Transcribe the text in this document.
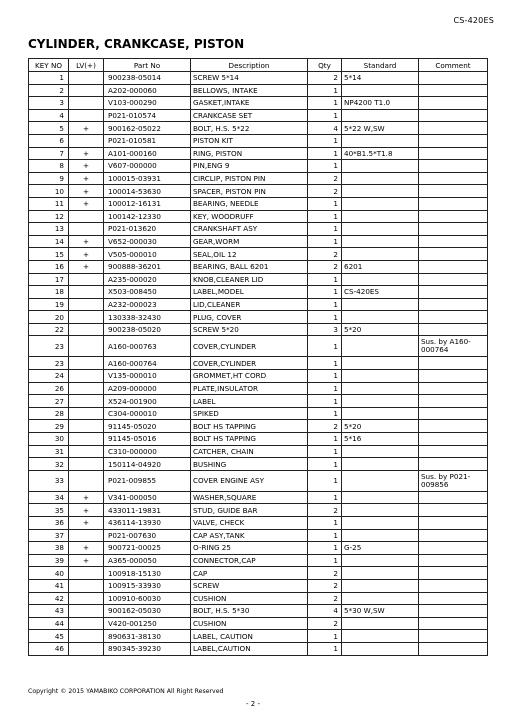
CS-420ES
CYLINDER, CRANKCASE, PISTON
KEY NO	LV(+)	Part No	Description	Qty	Standard	Comment
1		900238-05014	SCREW 5*14	2	5*14	
2		A202-000060	BELLOWS, INTAKE	1		
3		V103-000290	GASKET,INTAKE	1	NP4200 T1.0	
4		P021-010574	CRANKCASE SET	1		
5	+	900162-05022	BOLT, H.S. 5*22	4	5*22 W,SW	
6		P021-010581	PISTON KIT	1		
7	+	A101-000160	RING, PISTON	1	40*B1.5*T1.8	
8	+	V607-000000	PIN,ENG 9	1		
9	+	100015-03931	CIRCLIP, PISTON PIN	2		
10	+	100014-53630	SPACER, PISTON PIN	2		
11	+	100012-16131	BEARING, NEEDLE	1		
12		100142-12330	KEY, WOODRUFF	1		
13		P021-013620	CRANKSHAFT ASY	1		
14	+	V652-000030	GEAR,WORM	1		
15	+	V505-000010	SEAL,OIL 12	2		
16	+	900888-36201	BEARING, BALL 6201	2	6201	
17		A235-000020	KNOB,CLEANER LID	1		
18		X503-008450	LABEL,MODEL	1	CS-420ES	
19		A232-000023	LID,CLEANER	1		
20		130338-32430	PLUG, COVER	1		
22		900238-05020	SCREW 5*20	3	5*20	
23		A160-000763	COVER,CYLINDER	1		Sus. by A160-000764
23		A160-000764	COVER,CYLINDER	1		
24		V135-000010	GROMMET,HT CORD	1		
26		A209-000000	PLATE,INSULATOR	1		
27		X524-001900	LABEL	1		
28		C304-000010	SPIKED	1		
29		91145-05020	BOLT HS TAPPING	2	5*20	
30		91145-05016	BOLT HS TAPPING	1	5*16	
31		C310-000000	CATCHER, CHAIN	1		
32		150114-04920	BUSHING	1		
33		P021-009855	COVER ENGINE ASY	1		Sus. by P021-009856
34	+	V341-000050	WASHER,SQUARE	1		
35	+	433011-19831	STUD, GUIDE BAR	2		
36	+	436114-13930	VALVE, CHECK	1		
37		P021-007630	CAP ASY,TANK	1		
38	+	900721-00025	O-RING 25	1	G-25	
39	+	A365-000050	CONNECTOR,CAP	1		
40		100918-15130	CAP	2		
41		100915-33930	SCREW	2		
42		100910-60030	CUSHION	2		
43		900162-05030	BOLT, H.S. 5*30	4	5*30 W,SW	
44		V420-001250	CUSHION	2		
45		890631-38130	LABEL, CAUTION	1		
46		890345-39230	LABEL,CAUTION	1		
Copyright © 2015 YAMABIKO CORPORATION All Right Reserved
- 2 -
